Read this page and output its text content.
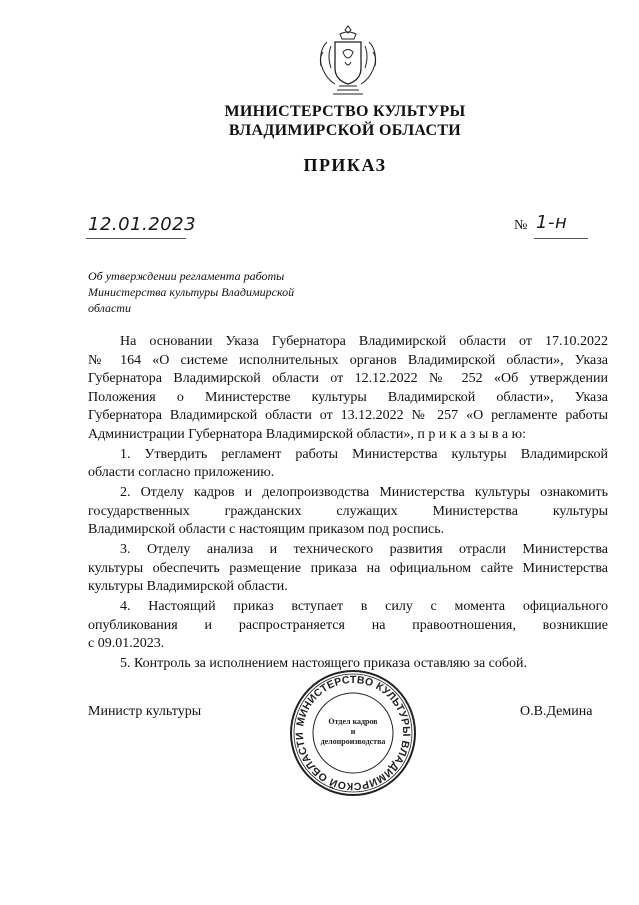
МИНИСТЕРСТВО КУЛЬТУРЫ
ВЛАДИМИРСКОЙ ОБЛАСТИ
ПРИКАЗ
12.01.2023	№ 1-н
Об утверждении регламента работы
Министерства культуры Владимирской
области
На основании Указа Губернатора Владимирской области от 17.10.2022
№ 164 «О системе исполнительных органов Владимирской области», Указа
Губернатора Владимирской области от 12.12.2022 № 252 «Об утверждении
Положения о Министерстве культуры Владимирской области», Указа
Губернатора Владимирской области от 13.12.2022 № 257 «О регламенте работы
Администрации Губернатора Владимирской области», п р и к а з ы в а ю:
1. Утвердить регламент работы Министерства культуры Владимирской
области согласно приложению.
2. Отделу кадров и делопроизводства Министерства культуры ознакомить
государственных гражданских служащих Министерства культуры
Владимирской области с настоящим приказом под роспись.
3. Отделу анализа и технического развития отрасли Министерства
культуры обеспечить размещение приказа на официальном сайте Министерства
культуры Владимирской области.
4. Настоящий приказ вступает в силу с момента официального
опубликования и распространяется на правоотношения, возникшие
с 09.01.2023.
5. Контроль за исполнением настоящего приказа оставляю за собой.
Министр культуры	О.В.Демина
МИНИСТЕРСТВО КУЛЬТУРЫ ВЛАДИМИРСКОЙ ОБЛАСТИ
Отдел кадров
и
делопроизводства
